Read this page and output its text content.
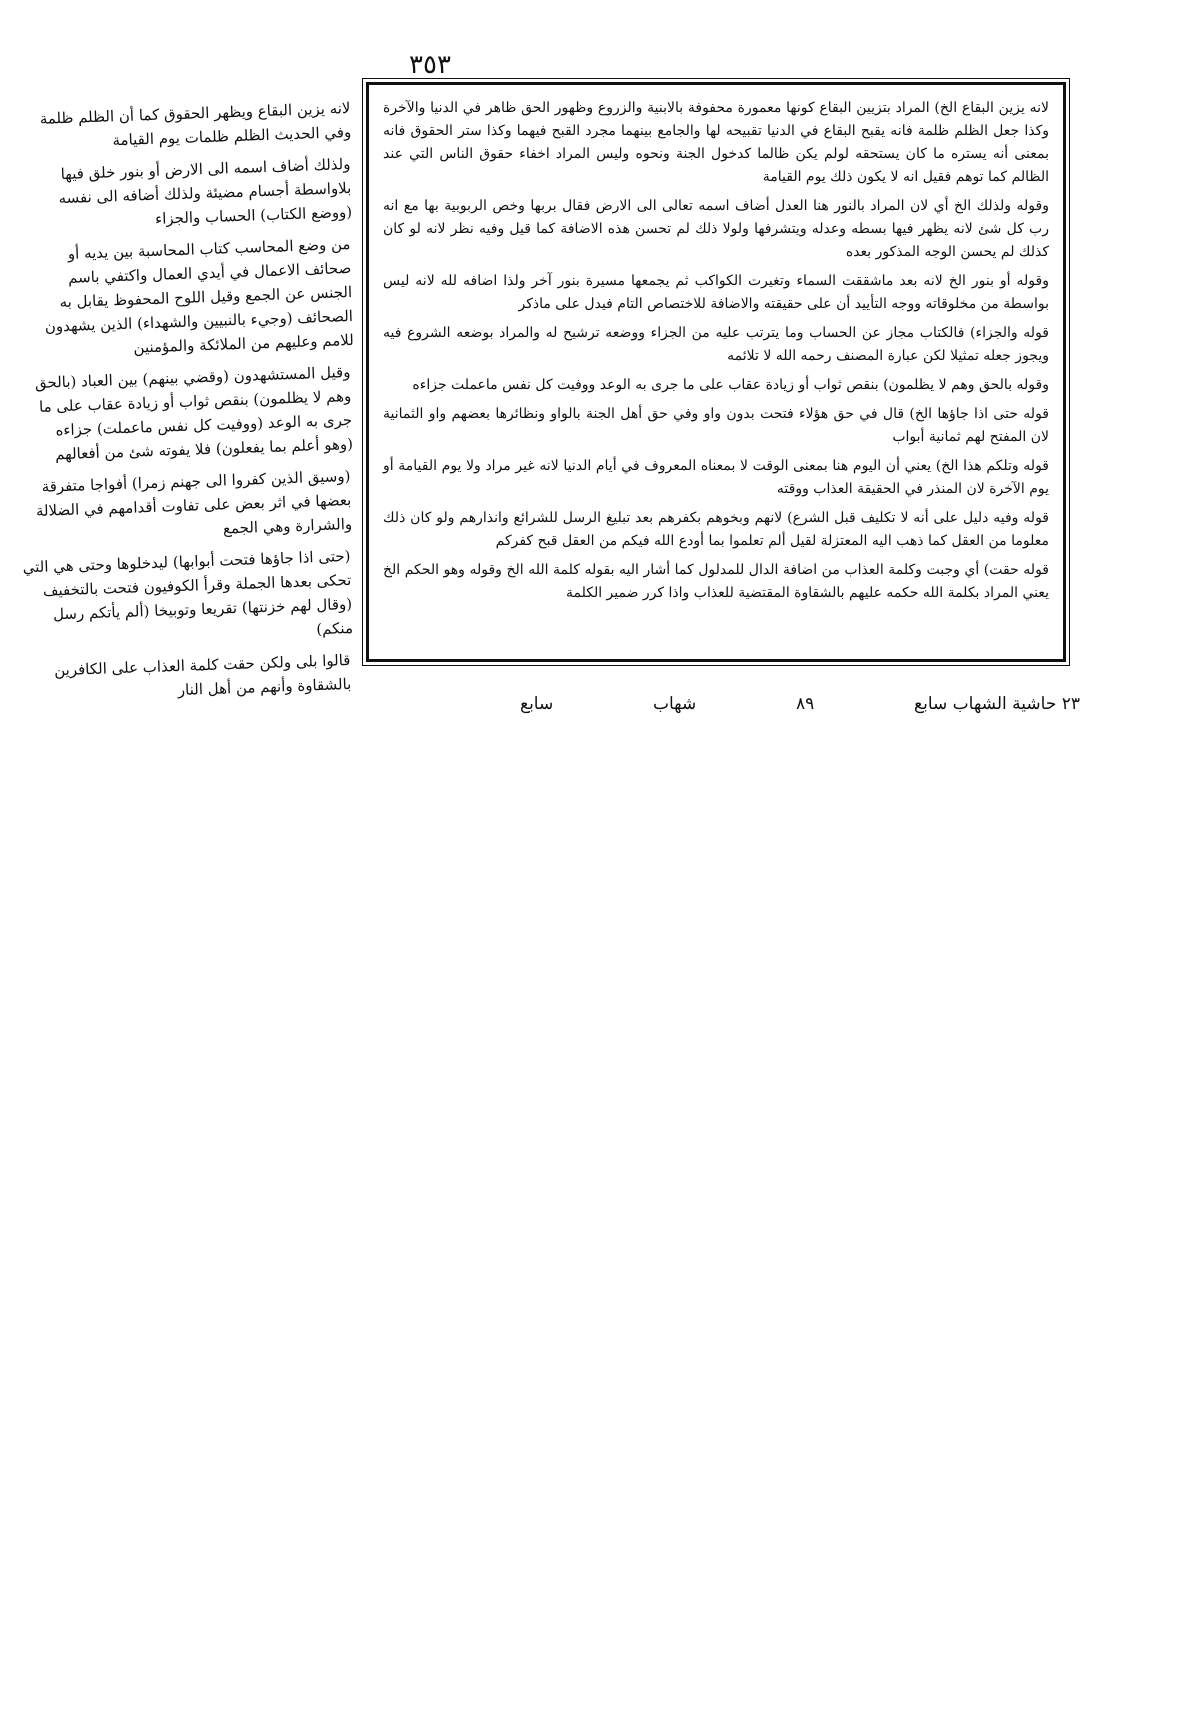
٣٥٣

لانه يزين البقاع الخ) المراد بتزيين البقاع كونها معمورة محفوفة بالابنية والزروع وظهور الحق ظاهر في الدنيا والآخرة وكذا جعل الظلم ظلمة فانه يقبح البقاع في الدنيا تقبيحه لها والجامع بينهما مجرد القبح فيهما وكذا ستر الحقوق فانه بمعنى أنه يستره ما كان يستحقه لولم يكن ظالما كدخول الجنة ونحوه وليس المراد اخفاء حقوق الناس التي عند الظالم كما توهم فقيل انه لا يكون ذلك يوم القيامة

وقوله ولذلك الخ أي لان المراد بالنور هنا العدل أضاف اسمه تعالى الى الارض فقال بربها وخص الربوبية بها مع انه رب كل شئ لانه يظهر فيها بسطه وعدله ويتشرفها ولولا ذلك لم تحسن هذه الاضافة كما قيل وفيه نظر لانه لو كان كذلك لم يحسن الوجه المذكور بعده

وقوله أو بنور الخ لانه بعد ماشققت السماء وتغيرت الكواكب ثم يجمعها مسيرة بنور آخر ولذا اضافه لله لانه ليس بواسطة من مخلوقاته ووجه التأييد أن على حقيقته والاضافة للاختصاص التام فيدل على ماذكر

قوله والجزاء) فالكتاب مجاز عن الحساب وما يترتب عليه من الجزاء ووضعه ترشيح له والمراد بوضعه الشروع فيه ويجوز جعله تمثيلا لكن عبارة المصنف رحمه الله لا تلائمه

وقوله بالحق وهم لا يظلمون) بنقص ثواب أو زيادة عقاب على ما جرى به الوعد ووفيت كل نفس ماعملت جزاءه

قوله حتى اذا جاؤها الخ) قال في حق هؤلاء فتحت بدون واو وفي حق أهل الجنة بالواو ونظائرها بعضهم واو الثمانية لان المفتح لهم ثمانية أبواب

قوله وتلكم هذا الخ) يعني أن اليوم هنا بمعنى الوقت لا بمعناه المعروف في أيام الدنيا لانه غير مراد ولا يوم القيامة أو يوم الآخرة لان المنذر في الحقيقة العذاب ووقته

قوله وفيه دليل على أنه لا تكليف قبل الشرع) لانهم وبخوهم بكفرهم بعد تبليغ الرسل للشرائع وانذارهم ولو كان ذلك معلوما من العقل كما ذهب اليه المعتزلة لقيل ألم تعلموا بما أودع الله فيكم من العقل قبح كفركم

قوله حقت) أي وجبت وكلمة العذاب من اضافة الدال للمدلول كما أشار اليه بقوله كلمة الله الخ وقوله وهو الحكم الخ يعني المراد بكلمة الله حكمه عليهم بالشقاوة المقتضية للعذاب واذا كرر ضمير الكلمة

لانه يزين البقاع ويظهر الحقوق كما أن الظلم ظلمة وفي الحديث الظلم ظلمات يوم القيامة

ولذلك أضاف اسمه الى الارض أو بنور خلق فيها بلاواسطة أجسام مضيئة ولذلك أضافه الى نفسه (ووضع الكتاب) الحساب والجزاء

من وضع المحاسب كتاب المحاسبة بين يديه أو صحائف الاعمال في أيدي العمال واكتفي باسم الجنس عن الجمع وقيل اللوح المحفوظ يقابل به الصحائف (وجيء بالنبيين والشهداء) الذين يشهدون للامم وعليهم من الملائكة والمؤمنين

وقيل المستشهدون (وقضي بينهم) بين العباد (بالحق وهم لا يظلمون) بنقص ثواب أو زيادة عقاب على ما جرى به الوعد (ووفيت كل نفس ماعملت) جزاءه (وهو أعلم بما يفعلون) فلا يفوته شئ من أفعالهم

(وسيق الذين كفروا الى جهنم زمرا) أفواجا متفرقة بعضها في اثر بعض على تفاوت أقدامهم في الضلالة والشرارة وهي الجمع

(حتى اذا جاؤها فتحت أبوابها) ليدخلوها وحتى هي التي تحكى بعدها الجملة وقرأ الكوفيون فتحت بالتخفيف (وقال لهم خزنتها) تقريعا وتوبيخا (ألم يأتكم رسل منكم)

قالوا بلى ولكن حقت كلمة العذاب على الكافرين بالشقاوة وأنهم من أهل النار

٢٣ حاشية الشهاب سابع
٨٩
شهاب
سابع
